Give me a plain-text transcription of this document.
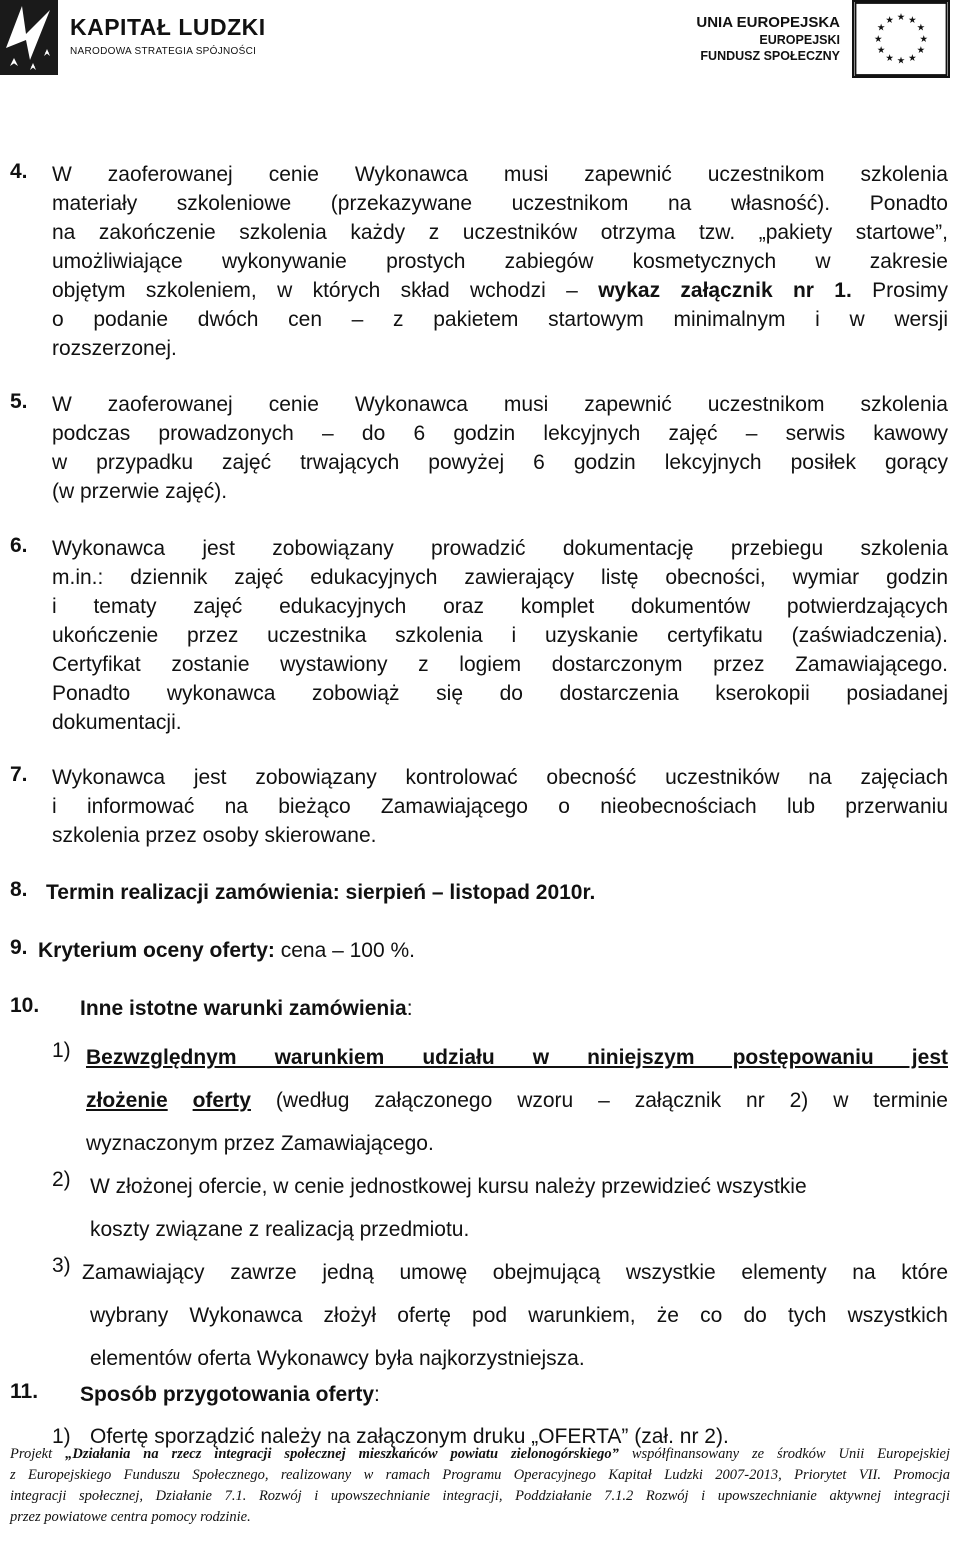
KAPITAŁ LUDZKI
NARODOWA STRATEGIA SPÓJNOŚCI
UNIA EUROPEJSKA
EUROPEJSKI
FUNDUSZ SPOŁECZNY
★ ★
★
★
★
★
★
★
★
★
★
★
4. W zaoferowanej cenie Wykonawca musi zapewnić uczestnikom szkolenia
materiały szkoleniowe (przekazywane uczestnikom na własność). Ponadto
na zakończenie szkolenia każdy z uczestników otrzyma tzw. „pakiety startowe”,
umożliwiające wykonywanie prostych zabiegów kosmetycznych w zakresie
objętym szkoleniem, w których skład wchodzi – wykaz załącznik nr 1. Prosimy
o podanie dwóch cen – z pakietem startowym minimalnym i w wersji
rozszerzonej.
5. W zaoferowanej cenie Wykonawca musi zapewnić uczestnikom szkolenia
podczas prowadzonych – do 6 godzin lekcyjnych zajęć – serwis kawowy
w przypadku zajęć trwających powyżej 6 godzin lekcyjnych posiłek gorący
(w przerwie zajęć).
6. Wykonawca jest zobowiązany prowadzić dokumentację przebiegu szkolenia
m.in.: dziennik zajęć edukacyjnych zawierający listę obecności, wymiar godzin
i tematy zajęć edukacyjnych oraz komplet dokumentów potwierdzających
ukończenie przez uczestnika szkolenia i uzyskanie certyfikatu (zaświadczenia).
Certyfikat zostanie wystawiony z logiem dostarczonym przez Zamawiającego.
Ponadto wykonawca zobowiąż się do dostarczenia kserokopii posiadanej
dokumentacji.
7. Wykonawca jest zobowiązany kontrolować obecność uczestników na zajęciach
i informować na bieżąco Zamawiającego o nieobecnościach lub przerwaniu
szkolenia przez osoby skierowane.
8. Termin realizacji zamówienia: sierpień – listopad 2010r.
9. Kryterium oceny oferty: cena – 100 %.
10. Inne istotne warunki zamówienia:
1) Bezwzględnym warunkiem udziału w niniejszym postępowaniu jest
złożenie oferty (według załączonego wzoru – załącznik nr 2) w terminie
wyznaczonym przez Zamawiającego.
2) W złożonej ofercie, w cenie jednostkowej kursu należy przewidzieć wszystkie
koszty związane z realizacją przedmiotu.
3) Zamawiający zawrze jedną umowę obejmującą wszystkie elementy na które
wybrany Wykonawca złożył ofertę pod warunkiem, że co do tych wszystkich
elementów oferta Wykonawcy była najkorzystniejsza.
11. Sposób przygotowania oferty:
1) Ofertę sporządzić należy na załączonym druku „OFERTA” (zał. nr 2).
Projekt „Działania na rzecz integracji społecznej mieszkańców powiatu zielonogórskiego” współfinansowany ze środków Unii Europejskiej
z Europejskiego Funduszu Społecznego, realizowany w ramach Programu Operacyjnego Kapitał Ludzki 2007-2013, Priorytet VII. Promocja
integracji społecznej, Działanie 7.1. Rozwój i upowszechnianie integracji, Poddziałanie 7.1.2 Rozwój i upowszechnianie aktywnej integracji
przez powiatowe centra pomocy rodzinie.
